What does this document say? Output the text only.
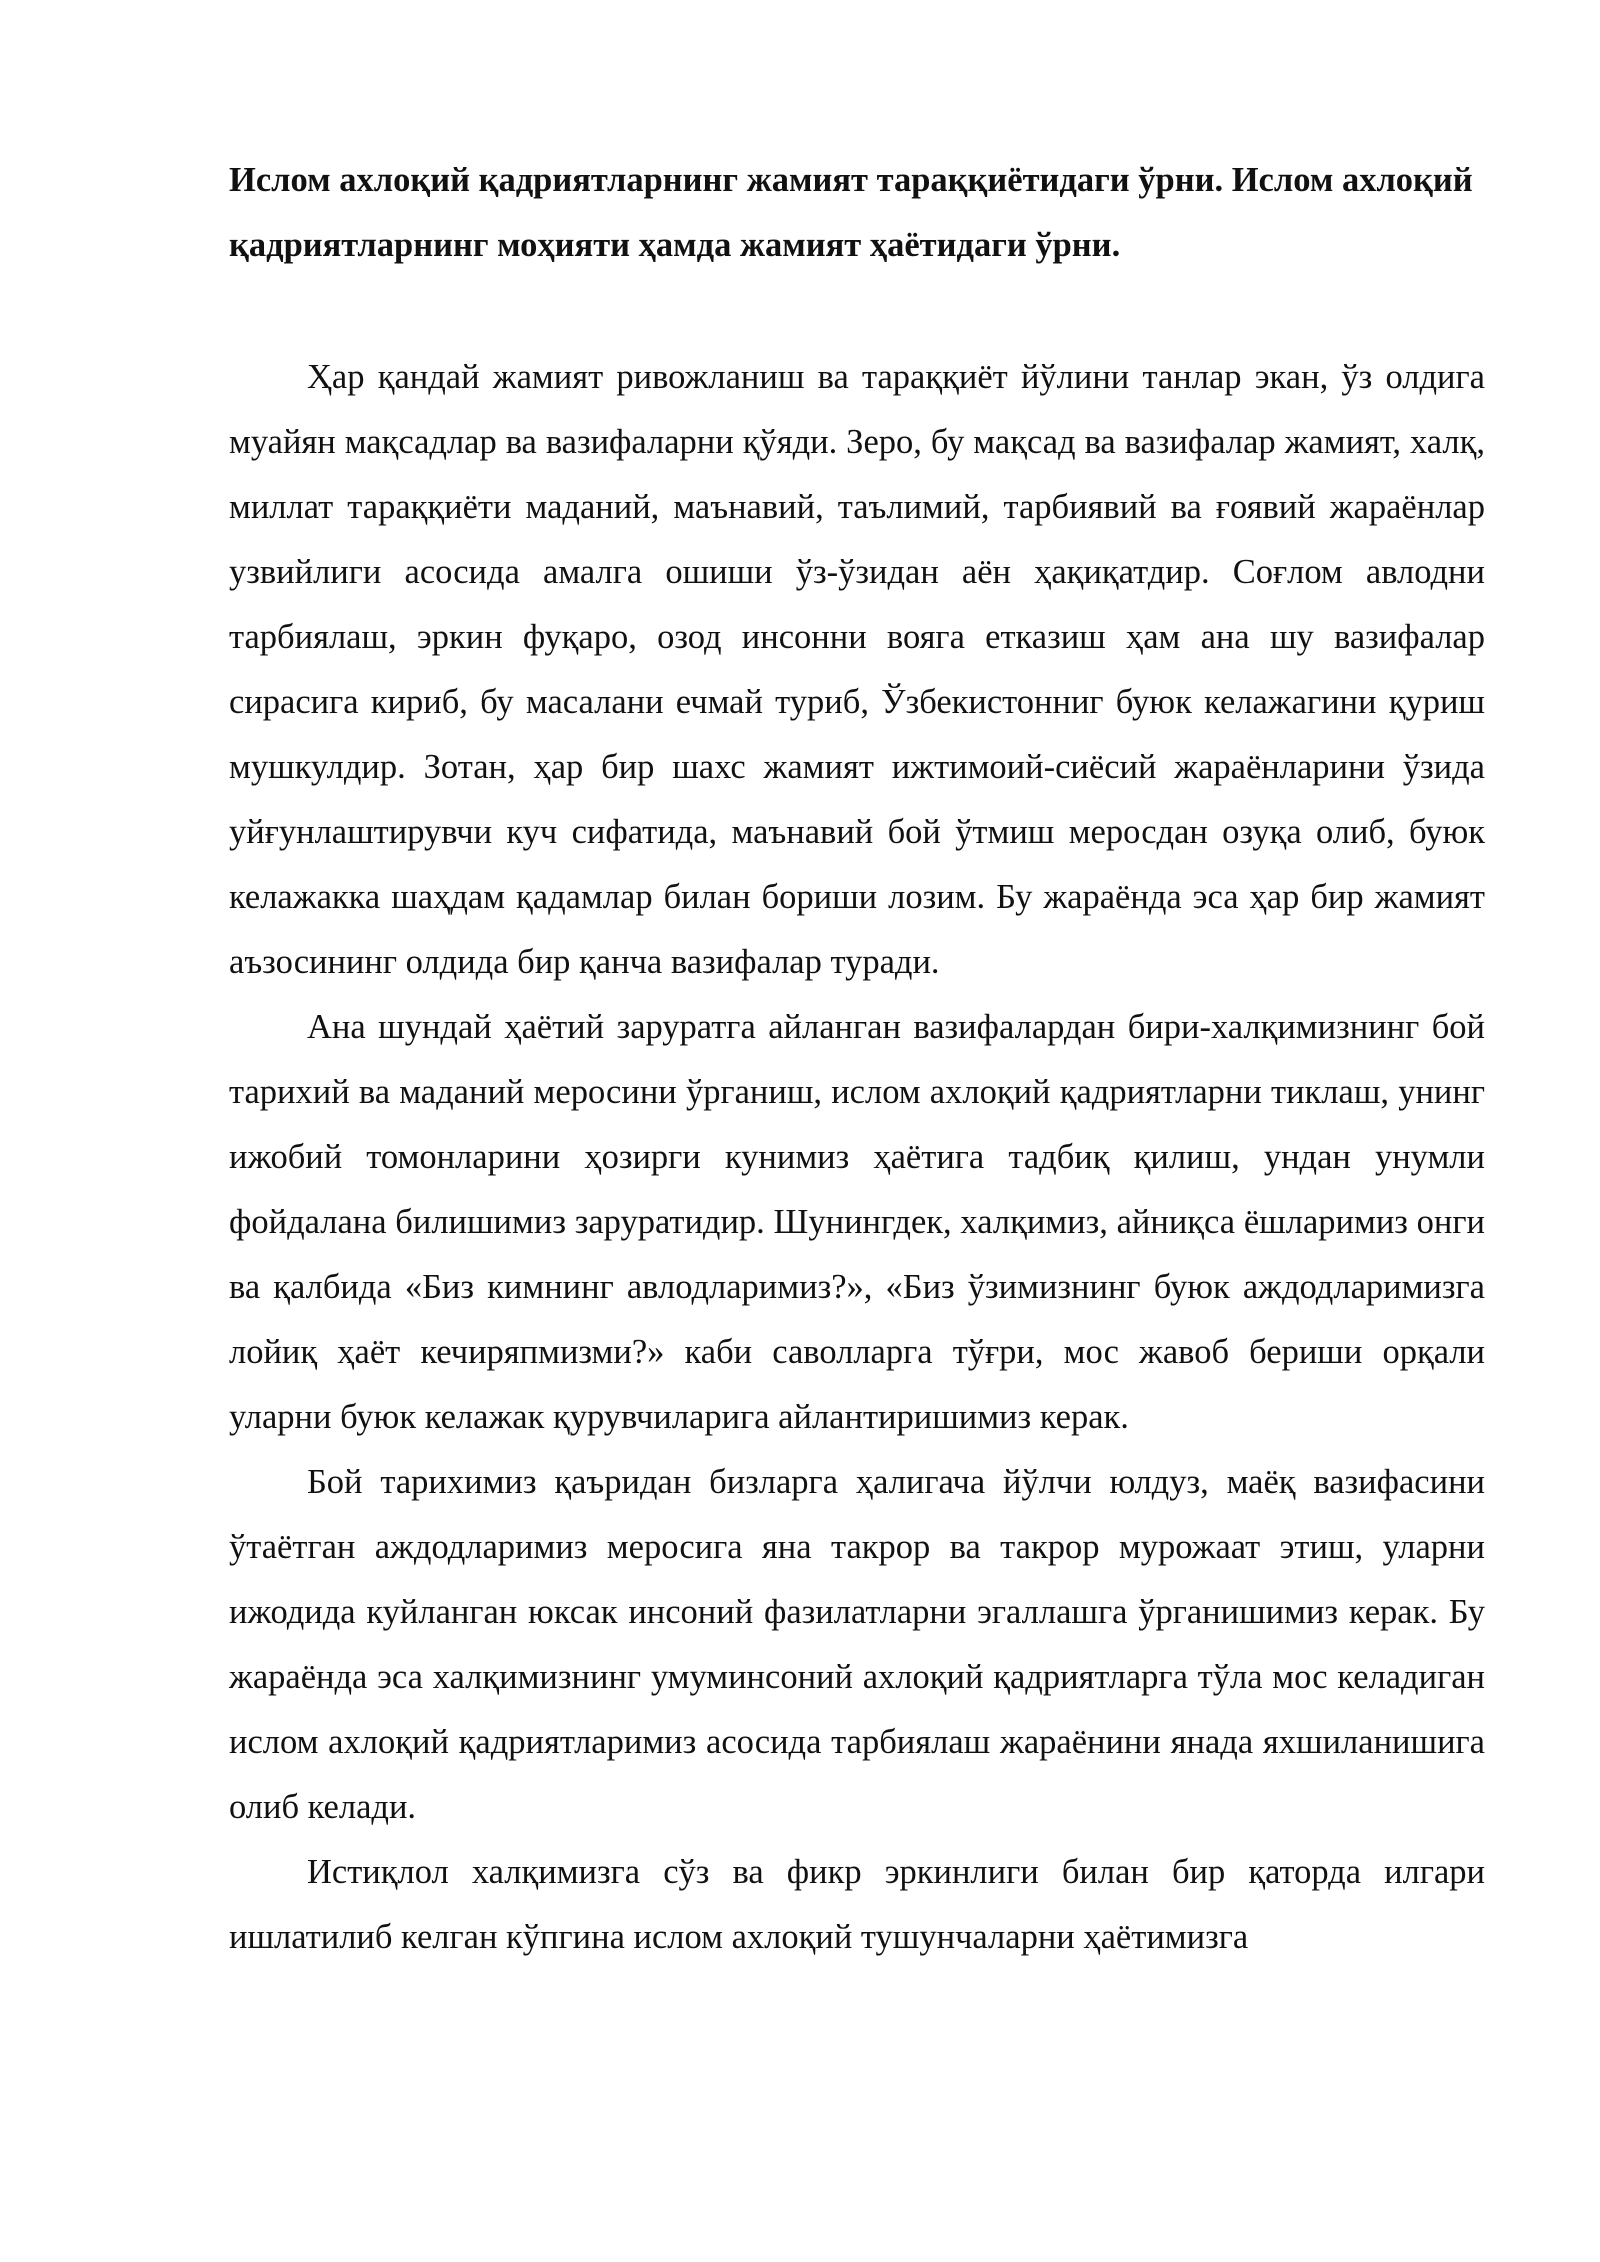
Ислом ахлоқий қадриятларнинг жамият тараққиётидаги ўрни. Ислом ахлоқий қадриятларнинг моҳияти ҳамда жамият ҳаётидаги ўрни.

Ҳар қандай жамият ривожланиш ва тараққиёт йўлини танлар экан, ўз олдига муайян мақсадлар ва вазифаларни қўяди. Зеро, бу мақсад ва вазифалар жамият, халқ, миллат тараққиёти маданий, маънавий, таълимий, тарбиявий ва ғоявий жараёнлар узвийлиги асосида амалга ошиши ўз-ўзидан аён ҳақиқатдир. Соғлом авлодни тарбиялаш, эркин фуқаро, озод инсонни вояга етказиш ҳам ана шу вазифалар сирасига кириб, бу масалани ечмай туриб, Ўзбекистонниг буюк келажагини қуриш мушкулдир. Зотан, ҳар бир шахс жамият ижтимоий-сиёсий жараёнларини ўзида уйғунлаштирувчи куч сифатида, маънавий бой ўтмиш меросдан озуқа олиб, буюк келажакка шаҳдам қадамлар билан бориши лозим. Бу жараёнда эса ҳар бир жамият аъзосининг олдида бир қанча вазифалар туради.

Ана шундай ҳаётий заруратга айланган вазифалардан бири-халқимизнинг бой тарихий ва маданий меросини ўрганиш, ислом ахлоқий қадриятларни тиклаш, унинг ижобий томонларини ҳозирги кунимиз ҳаётига тадбиқ қилиш, ундан унумли фойдалана билишимиз заруратидир. Шунингдек, халқимиз, айниқса ёшларимиз онги ва қалбида «Биз кимнинг авлодларимиз?», «Биз ўзимизнинг буюк аждодларимизга лойиқ ҳаёт кечиряпмизми?» каби саволларга тўғри, мос жавоб бериши орқали уларни буюк келажак қурувчиларига айлантиришимиз керак.

Бой тарихимиз қаъридан бизларга ҳалигача йўлчи юлдуз, маёқ вазифасини ўтаётган аждодларимиз меросига яна такрор ва такрор мурожаат этиш, уларни ижодида куйланган юксак инсоний фазилатларни эгаллашга ўрганишимиз керак. Бу жараёнда эса халқимизнинг умуминсоний ахлоқий қадриятларга тўла мос келадиган ислом ахлоқий қадриятларимиз асосида тарбиялаш жараёнини янада яхшиланишига олиб келади.

Истиқлол халқимизга сўз ва фикр эркинлиги билан бир қаторда илгари ишлатилиб келган кўпгина ислом ахлоқий тушунчаларни ҳаётимизга
